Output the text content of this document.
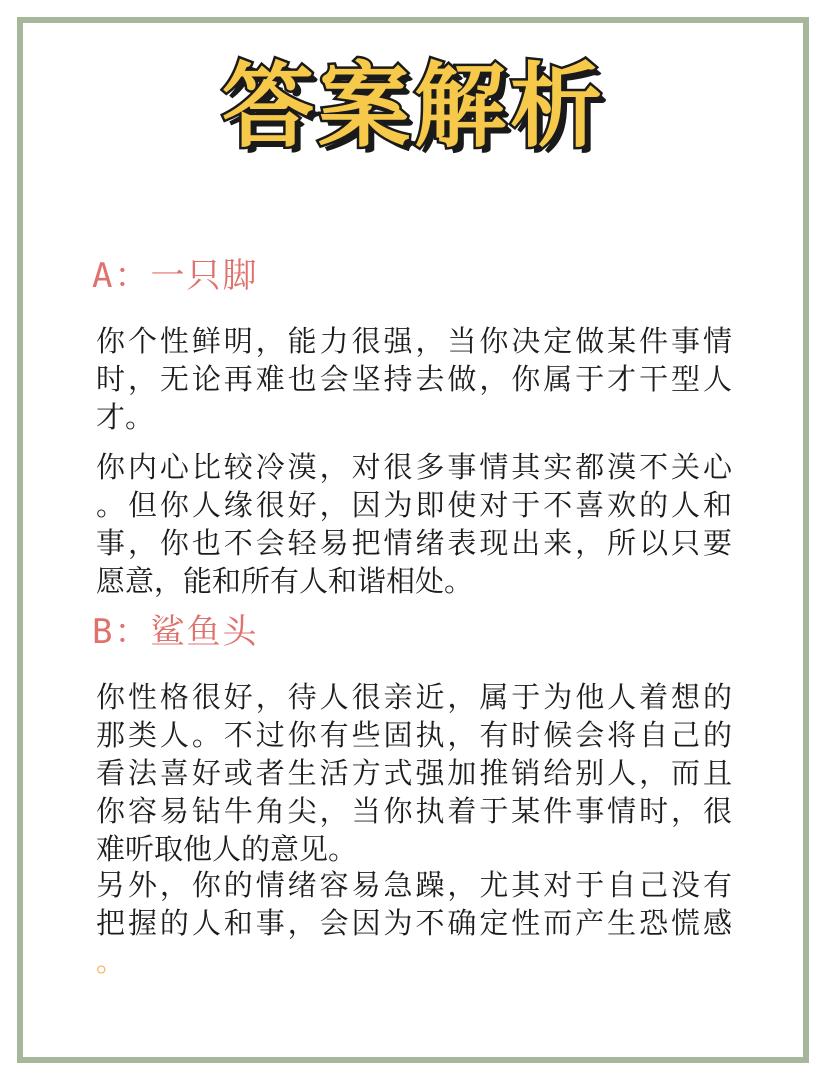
答案解析
A：一只脚
你个性鲜明，能力很强，当你决定做某件事情
时，无论再难也会坚持去做，你属于才干型人
才。
你内心比较冷漠，对很多事情其实都漠不关心
。但你人缘很好，因为即使对于不喜欢的人和
事，你也不会轻易把情绪表现出来，所以只要
愿意，能和所有人和谐相处。
B：鲨鱼头
你性格很好，待人很亲近，属于为他人着想的
那类人。不过你有些固执，有时候会将自己的
看法喜好或者生活方式强加推销给别人，而且
你容易钻牛角尖，当你执着于某件事情时，很
难听取他人的意见。
另外，你的情绪容易急躁，尤其对于自己没有
把握的人和事，会因为不确定性而产生恐慌感
。
